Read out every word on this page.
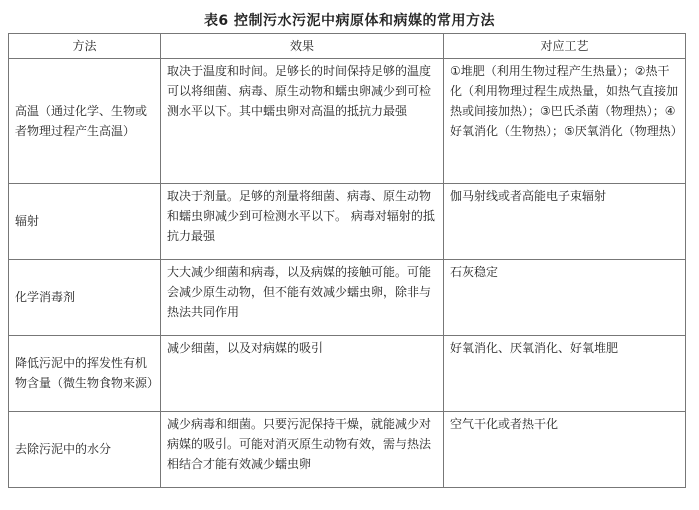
表6 控制污水污泥中病原体和病媒的常用方法
方法	效果	对应工艺
高温（通过化学、生物或者物理过程产生高温）	取决于温度和时间。足够长的时间保持足够的温度可以将细菌、病毒、原生动物和蠕虫卵减少到可检测水平以下。其中蠕虫卵对高温的抵抗力最强	①堆肥（利用生物过程产生热量）；②热干化（利用物理过程生成热量，如热气直接加热或间接加热）；③巴氏杀菌（物理热）；④好氧消化（生物热）；⑤厌氧消化（物理热）
辐射	取决于剂量。足够的剂量将细菌、病毒、原生动物和蠕虫卵减少到可检测水平以下。 病毒对辐射的抵抗力最强	伽马射线或者高能电子束辐射
化学消毒剂	大大减少细菌和病毒，以及病媒的接触可能。可能会减少原生动物，但不能有效减少蠕虫卵，除非与热法共同作用	石灰稳定
降低污泥中的挥发性有机物含量（微生物食物来源）	减少细菌，以及对病媒的吸引	好氧消化、厌氧消化、好氧堆肥
去除污泥中的水分	减少病毒和细菌。只要污泥保持干燥，就能减少对病媒的吸引。可能对消灭原生动物有效，需与热法相结合才能有效减少蠕虫卵	空气干化或者热干化
